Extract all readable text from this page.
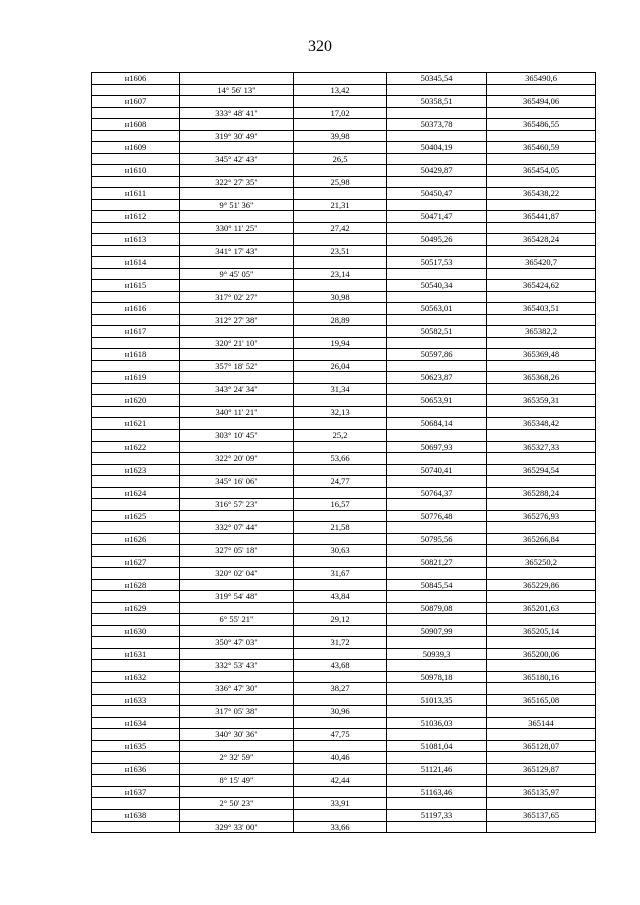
320
н1606			50345,54	365490,6
	14° 56' 13"	13,42		
н1607			50358,51	365494,06
	333° 48' 41"	17,02		
н1608			50373,78	365486,55
	319° 30' 49"	39,98		
н1609			50404,19	365460,59
	345° 42' 43"	26,5		
н1610			50429,87	365454,05
	322° 27' 35"	25,98		
н1611			50450,47	365438,22
	9° 51' 36"	21,31		
н1612			50471,47	365441,87
	330° 11' 25"	27,42		
н1613			50495,26	365428,24
	341° 17' 43"	23,51		
н1614			50517,53	365420,7
	9° 45' 05"	23,14		
н1615			50540,34	365424,62
	317° 02' 27"	30,98		
н1616			50563,01	365403,51
	312° 27' 38"	28,89		
н1617			50582,51	365382,2
	320° 21' 10"	19,94		
н1618			50597,86	365369,48
	357° 18' 52"	26,04		
н1619			50623,87	365368,26
	343° 24' 34"	31,34		
н1620			50653,91	365359,31
	340° 11' 21"	32,13		
н1621			50684,14	365348,42
	303° 10' 45"	25,2		
н1622			50697,93	365327,33
	322° 20' 09"	53,66		
н1623			50740,41	365294,54
	345° 16' 06"	24,77		
н1624			50764,37	365288,24
	316° 57' 23"	16,57		
н1625			50776,48	365276,93
	332° 07' 44"	21,58		
н1626			50795,56	365266,84
	327° 05' 18"	30,63		
н1627			50821,27	365250,2
	320° 02' 04"	31,67		
н1628			50845,54	365229,86
	319° 54' 48"	43,84		
н1629			50879,08	365201,63
	6° 55' 21"	29,12		
н1630			50907,99	365205,14
	350° 47' 03"	31,72		
н1631			50939,3	365200,06
	332° 53' 43"	43,68		
н1632			50978,18	365180,16
	336° 47' 30"	38,27		
н1633			51013,35	365165,08
	317° 05' 38"	30,96		
н1634			51036,03	365144
	340° 30' 36"	47,75		
н1635			51081,04	365128,07
	2° 32' 59"	40,46		
н1636			51121,46	365129,87
	8° 15' 49"	42,44		
н1637			51163,46	365135,97
	2° 50' 23"	33,91		
н1638			51197,33	365137,65
	329° 33' 00"	33,66		
